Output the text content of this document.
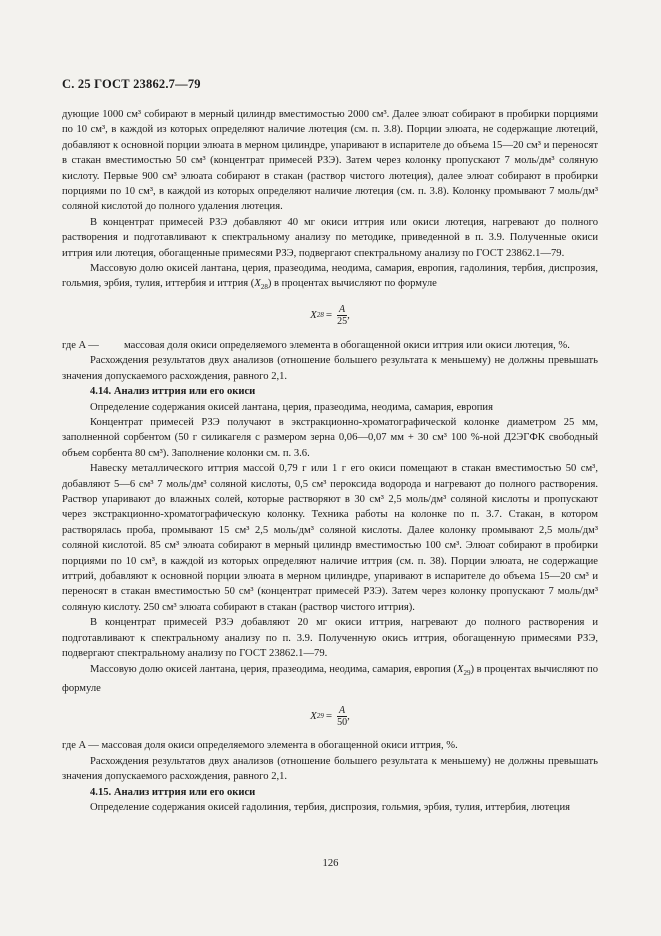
С. 25 ГОСТ 23862.7—79

дующие 1000 см³ собирают в мерный цилиндр вместимостью 2000 см³. Далее элюат собирают в пробирки порциями по 10 см³, в каждой из которых определяют наличие лютеция (см. п. 3.8). Порции элюата, не содержащие лютеций, добавляют к основной порции элюата в мерном цилиндре, упаривают в испарителе до объема 15—20 см³ и переносят в стакан вместимостью 50 см³ (концентрат примесей РЗЭ). Затем через колонку пропускают 7 моль/дм³ соляную кислоту. Первые 900 см³ элюата собирают в стакан (раствор чистого лютеция), далее элюат собирают в пробирки порциями по 10 см³, в каждой из которых определяют наличие лютеция (см. п. 3.8). Колонку промывают 7 моль/дм³ соляной кислотой до полного удаления лютеция.

В концентрат примесей РЗЭ добавляют 40 мг окиси иттрия или окиси лютеция, нагревают до полного растворения и подготавливают к спектральному анализу по методике, приведенной в п. 3.9. Полученные окиси иттрия или лютеция, обогащенные примесями РЗЭ, подвергают спектральному анализу по ГОСТ 23862.1—79.

Массовую долю окисей лантана, церия, празеодима, неодима, самария, европия, гадолиния, тербия, диспрозия, гольмия, эрбия, тулия, иттербия и иттрия $(X_{28})$ в процентах вычисляют по формуле

X $28 = \frac{A}{25}$ ,
где A —	массовая доля окиси определяемого элемента в обогащенной окиси иттрия или окиси лютеция, %.

Расхождения результатов двух анализов (отношение большего результата к меньшему) не должны превышать значения допускаемого расхождения, равного 2,1.

4.14. Анализ иттрия или его окиси

Определение содержания окисей лантана, церия, празеодима, неодима, самария, европия

Концентрат примесей РЗЭ получают в экстракционно-хроматографической колонке диаметром 25 мм, заполненной сорбентом (50 г силикагеля с размером зерна 0,06—0,07 мм + 30 см³ 100 %-ной Д2ЭГФК свободный объем сорбента 80 см³). Заполнение колонки см. п. 3.6.

Навеску металлического иттрия массой 0,79 г или 1 г его окиси помещают в стакан вместимостью 50 см³, добавляют 5—6 см³ 7 моль/дм³ соляной кислоты, 0,5 см³ пероксида водорода и нагревают до полного растворения. Раствор упаривают до влажных солей, которые растворяют в 30 см³ 2,5 моль/дм³ соляной кислоты и пропускают через экстракционно-хроматографическую колонку. Техника работы на колонке по п. 3.7. Стакан, в котором растворялась проба, промывают 15 см³ 2,5 моль/дм³ соляной кислоты. Далее колонку промывают 2,5 моль/дм³ соляной кислотой. 85 см³ элюата собирают в мерный цилиндр вместимостью 100 см³. Элюат собирают в пробирки порциями по 10 см³, в каждой из которых определяют наличие иттрия (см. п. 38). Порции элюата, не содержащие иттрий, добавляют к основной порции элюата в мерном цилиндре, упаривают в испарителе до объема 15—20 см³ и переносят в стакан вместимостью 50 см³ (концентрат примесей РЗЭ). Затем через колонку пропускают 7 моль/дм³ соляную кислоту. 250 см³ элюата собирают в стакан (раствор чистого иттрия).

В концентрат примесей РЗЭ добавляют 20 мг окиси иттрия, нагревают до полного растворения и подготавливают к спектральному анализу по п. 3.9. Полученную окись иттрия, обогащенную примесями РЗЭ, подвергают спектральному анализу по ГОСТ 23862.1—79.

Массовую долю окисей лантана, церия, празеодима, неодима, самария, европия $(X_{29})$ в процентах вычисляют по формуле

X $29 = \frac{A}{50}$ ,

где A — массовая доля окиси определяемого элемента в обогащенной окиси иттрия, %.

Расхождения результатов двух анализов (отношение большего результата к меньшему) не должны превышать значения допускаемого расхождения, равного 2,1.

4.15. Анализ иттрия или его окиси

Определение содержания окисей гадолиния, тербия, диспрозия, гольмия, эрбия, тулия, иттербия, лютеция

126
